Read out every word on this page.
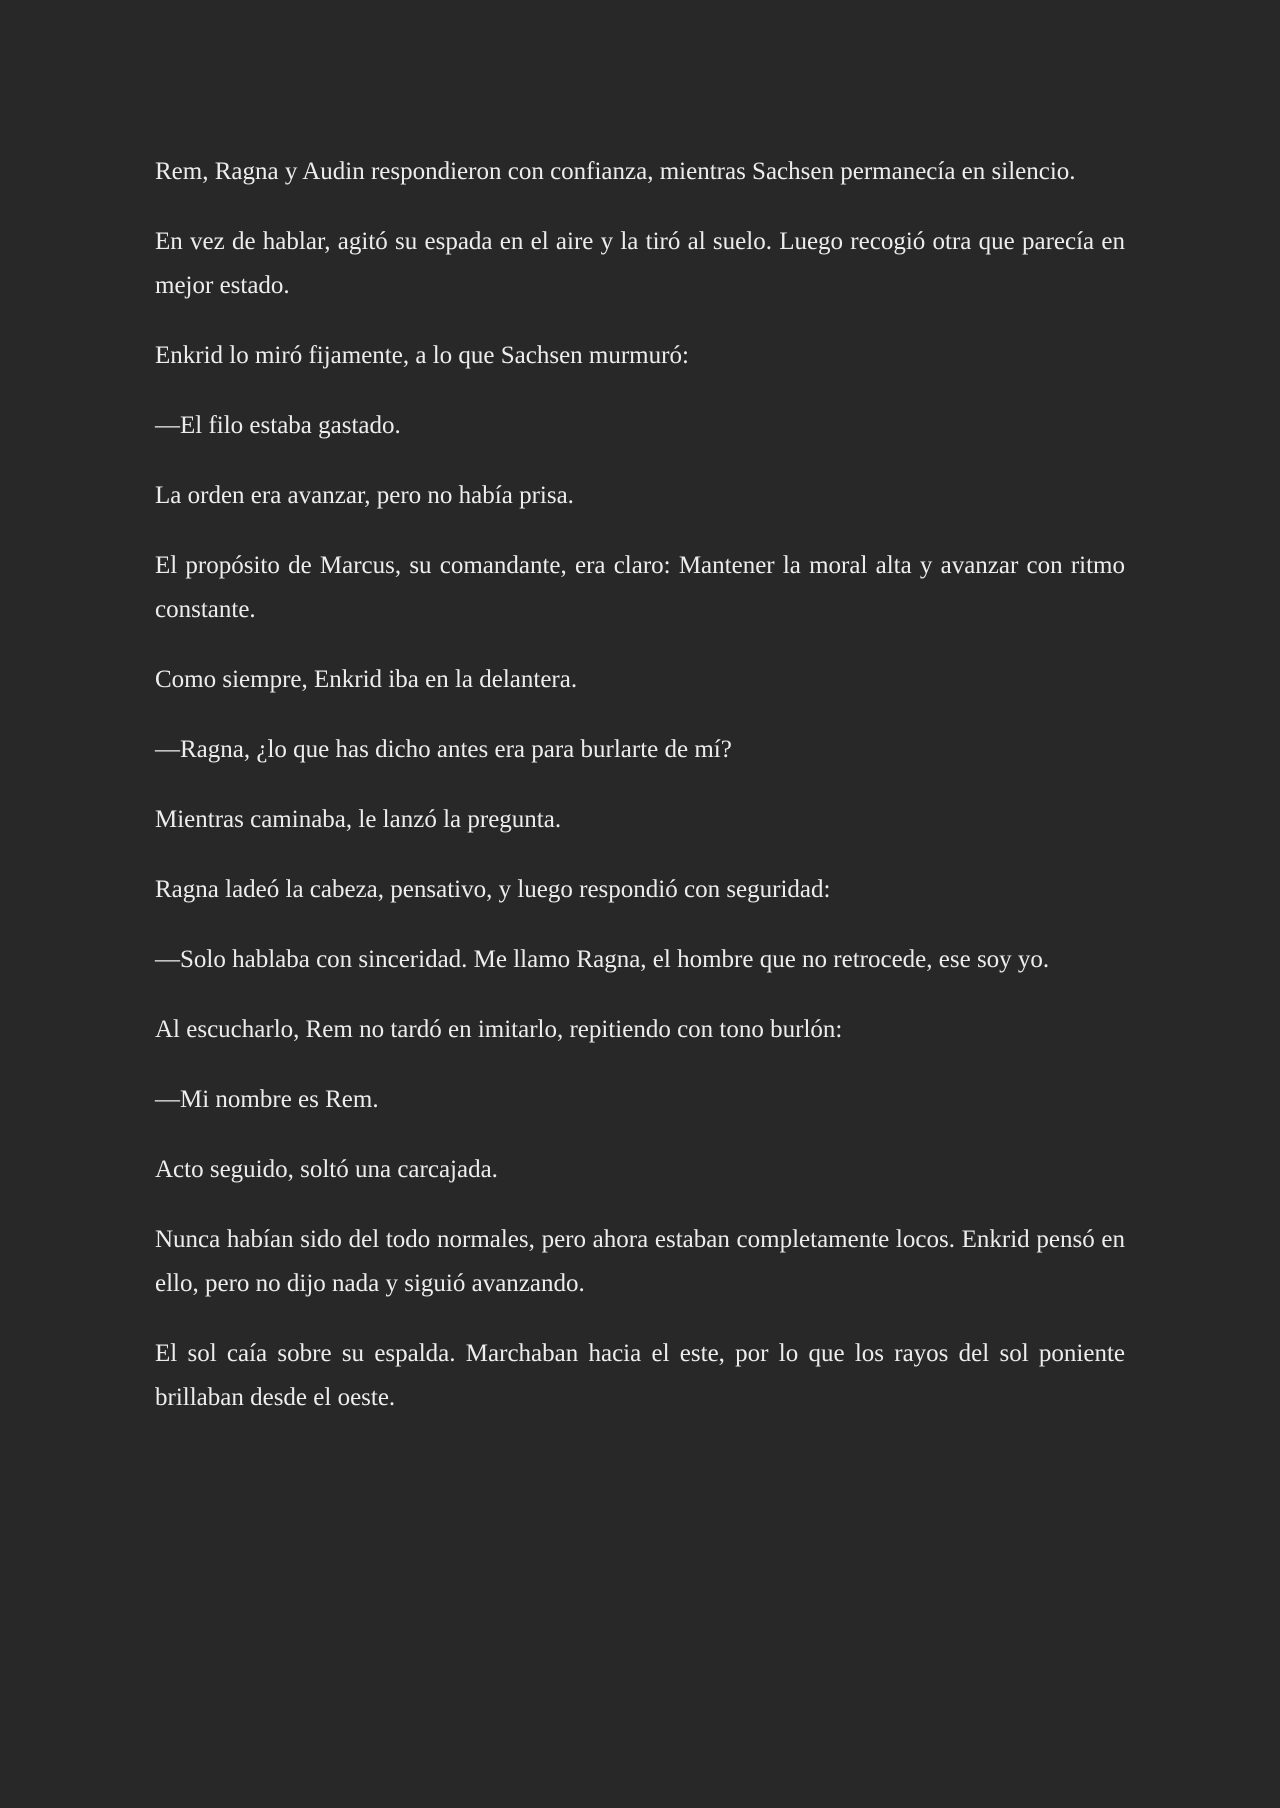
Rem, Ragna y Audin respondieron con confianza, mientras Sachsen permanecía en silencio.

En vez de hablar, agitó su espada en el aire y la tiró al suelo. Luego recogió otra que parecía en mejor estado.

Enkrid lo miró fijamente, a lo que Sachsen murmuró:

—El filo estaba gastado.

La orden era avanzar, pero no había prisa.

El propósito de Marcus, su comandante, era claro: Mantener la moral alta y avanzar con ritmo constante.

Como siempre, Enkrid iba en la delantera.

—Ragna, ¿lo que has dicho antes era para burlarte de mí?

Mientras caminaba, le lanzó la pregunta.

Ragna ladeó la cabeza, pensativo, y luego respondió con seguridad:

—Solo hablaba con sinceridad. Me llamo Ragna, el hombre que no retrocede, ese soy yo.

Al escucharlo, Rem no tardó en imitarlo, repitiendo con tono burlón:

—Mi nombre es Rem.

Acto seguido, soltó una carcajada.

Nunca habían sido del todo normales, pero ahora estaban completamente locos. Enkrid pensó en ello, pero no dijo nada y siguió avanzando.

El sol caía sobre su espalda. Marchaban hacia el este, por lo que los rayos del sol poniente brillaban desde el oeste.
